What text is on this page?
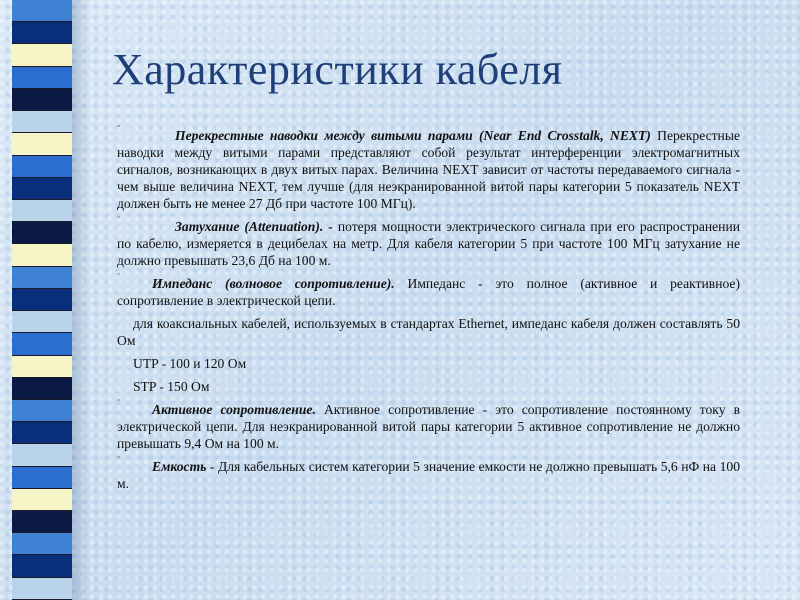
Характеристики кабеля

¨	Перекрестные наводки между витыми парами (Near End Crosstalk, NEXT) Перекрестные наводки между витыми парами представляют собой результат интерференции электромагнитных сигналов, возникающих в двух витых парах. Величина NEXT зависит от частоты передаваемого сигнала - чем выше величина NEXT, тем лучше (для неэкранированной витой пары категории 5 показатель NEXT должен быть не менее 27 Дб при частоте 100 МГц).

¨	Затухание (Attenuation). - потеря мощности электрического сигнала при его распространении по кабелю, измеряется в децибелах на метр. Для кабеля категории 5 при частоте 100 МГц затухание не должно превышать 23,6 Дб на 100 м.

¨ Импеданс (волновое сопротивление). Импеданс - это полное (активное и реактивное) сопротивление в электрической цепи.

для коаксиальных кабелей, используемых в стандартах Ethernet, импеданс кабеля должен составлять 50 Ом

UTP - 100 и 120 Ом

STP - 150 Ом

¨ Активное сопротивление. Активное сопротивление - это сопротивление постоянному току в электрической цепи. Для неэкранированной витой пары категории 5 активное сопротивление не должно превышать 9,4 Ом на 100 м.

¨ Емкость - Для кабельных систем категории 5 значение емкости не должно превышать 5,6 нФ на 100 м.
